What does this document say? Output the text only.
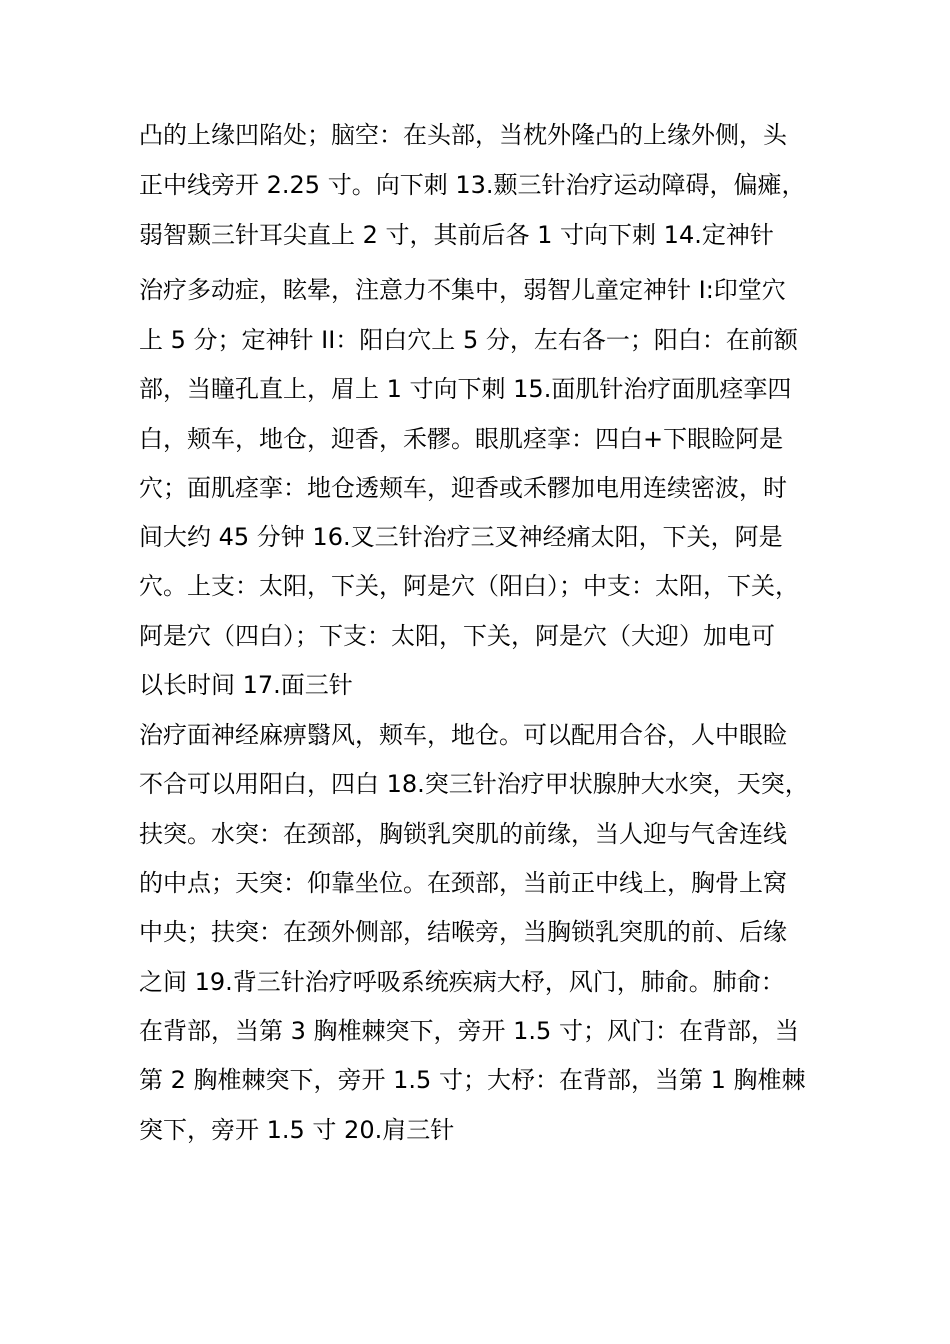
凸的上缘凹陷处；脑空：在头部，当枕外隆凸的上缘外侧，头
正中线旁开 2.25 寸。向下刺 13.颞三针治疗运动障碍，偏瘫，
弱智颞三针耳尖直上 2 寸，其前后各 1 寸向下刺 14.定神针
治疗多动症，眩晕，注意力不集中，弱智儿童定神针 I:印堂穴
上 5 分；定神针 II：阳白穴上 5 分，左右各一；阳白：在前额
部，当瞳孔直上，眉上 1 寸向下刺 15.面肌针治疗面肌痉挛四
白，颊车，地仓，迎香，禾髎。眼肌痉挛：四白+下眼睑阿是
穴；面肌痉挛：地仓透颊车，迎香或禾髎加电用连续密波，时
间大约 45 分钟 16.叉三针治疗三叉神经痛太阳，下关，阿是
穴。上支：太阳，下关，阿是穴（阳白）；中支：太阳，下关，
阿是穴（四白）；下支：太阳，下关，阿是穴（大迎）加电可
以长时间 17.面三针
治疗面神经麻痹翳风，颊车，地仓。可以配用合谷，人中眼睑
不合可以用阳白，四白 18.突三针治疗甲状腺肿大水突，天突，
扶突。水突：在颈部，胸锁乳突肌的前缘，当人迎与气舍连线
的中点；天突：仰靠坐位。在颈部，当前正中线上，胸骨上窝
中央；扶突：在颈外侧部，结喉旁，当胸锁乳突肌的前、后缘
之间 19.背三针治疗呼吸系统疾病大杼，风门，肺俞。肺俞：
在背部，当第 3 胸椎棘突下，旁开 1.5 寸；风门：在背部，当
第 2 胸椎棘突下，旁开 1.5 寸；大杼：在背部，当第 1 胸椎棘
突下，旁开 1.5 寸 20.肩三针
